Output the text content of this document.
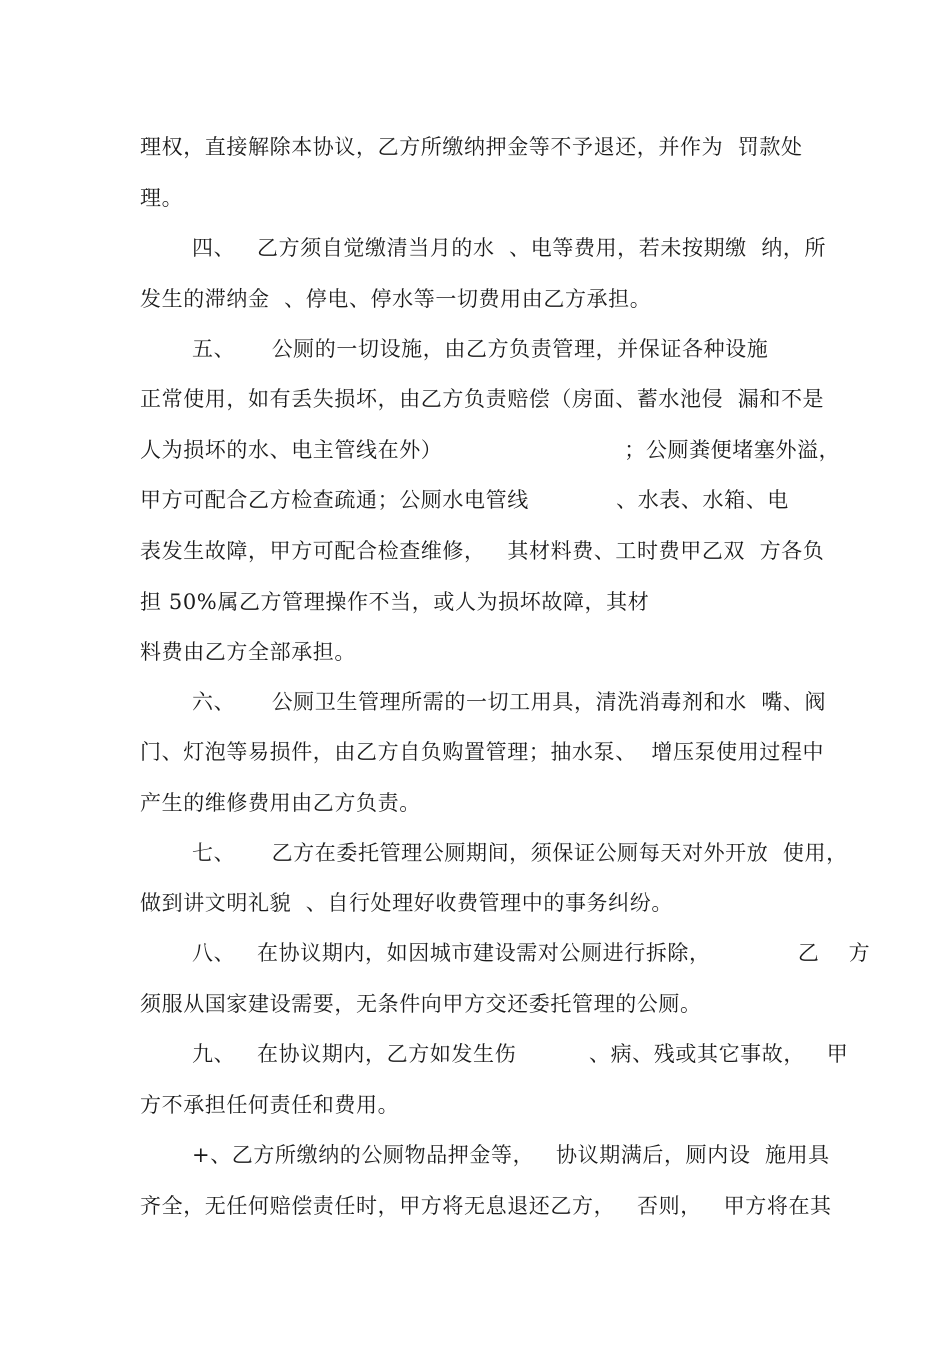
理权，直接解除本协议，乙方所缴纳押金等不予退还，并作为  罚款处
理。
四、   乙方须自觉缴清当月的水  、电等费用，若未按期缴  纳，所
发生的滞纳金  、停电、停水等一切费用由乙方承担。
五、     公厕的一切设施，由乙方负责管理，并保证各种设施
正常使用，如有丢失损坏，由乙方负责赔偿（房面、蓄水池侵  漏和不是
人为损坏的水、电主管线在外）                         ；公厕粪便堵塞外溢，
甲方可配合乙方检查疏通；公厕水电管线            、水表、水箱、电
表发生故障，甲方可配合检查维修，   其材料费、工时费甲乙双  方各负
担 50%属乙方管理操作不当，或人为损坏故障，其材
料费由乙方全部承担。
六、     公厕卫生管理所需的一切工用具，清洗消毒剂和水  嘴、阀
门、灯泡等易损件，由乙方自负购置管理；抽水泵、  增压泵使用过程中
产生的维修费用由乙方负责。
七、     乙方在委托管理公厕期间，须保证公厕每天对外开放  使用，
做到讲文明礼貌  、自行处理好收费管理中的事务纠纷。
八、   在协议期内，如因城市建设需对公厕进行拆除，            乙    方
须服从国家建设需要，无条件向甲方交还委托管理的公厕。
九、   在协议期内，乙方如发生伤          、病、残或其它事故，   甲
方不承担任何责任和费用。
+、乙方所缴纳的公厕物品押金等，   协议期满后，厕内设  施用具
齐全，无任何赔偿责任时，甲方将无息退还乙方，   否则，   甲方将在其
